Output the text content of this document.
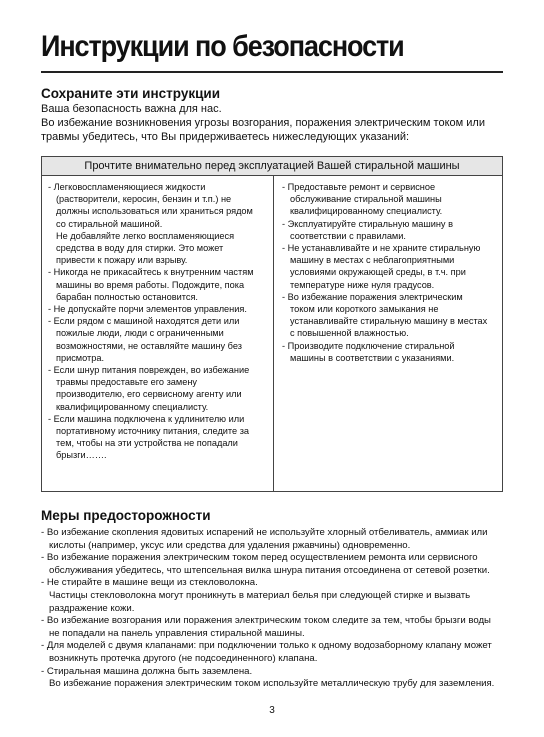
Инструкции по безопасности
Сохраните эти инструкции
Ваша безопасность важна для нас.
Во избежание возникновения угрозы возгорания, поражения электрическим током или
травмы убедитесь, что Вы придерживаетесь нижеследующих указаний:
Прочтите внимательно перед эксплуатацией Вашей стиральной машины
- Легковоспламеняющиеся жидкости
(растворители, керосин, бензин и т.п.) не
должны использоваться или храниться рядом
со стиральной машиной.
Не добавляйте легко воспламеняющиеся
средства в воду для стирки. Это может
привести к пожару или взрыву.
- Никогда не прикасайтесь к внутренним частям
машины во время работы. Подождите, пока
барабан полностью остановится.
- Не допускайте порчи элементов управления.
- Если рядом с машиной находятся дети или
пожилые люди, люди с ограниченными
возможностями, не оставляйте машину без
присмотра.
- Если шнур питания поврежден, во избежание
травмы предоставьте его замену
производителю, его сервисному агенту или
квалифицированному специалисту.
- Если машина подключена к удлинителю или
портативному источнику питания, следите за
тем, чтобы на эти устройства не попадали
брызги…….
- Предоставьте ремонт и сервисное
обслуживание стиральной машины
квалифицированному специалисту.
- Эксплуатируйте стиральную машину в
соответствии с правилами.
- Не устанавливайте и не храните стиральную
машину в местах с неблагоприятными
условиями окружающей среды, в т.ч. при
температуре ниже нуля градусов.
- Во избежание поражения электрическим
током или короткого замыкания не
устанавливайте стиральную машину в местах
с повышенной влажностью.
- Производите подключение стиральной
машины в соответствии с указаниями.
Меры предосторожности
- Во избежание скопления ядовитых испарений не используйте хлорный отбеливатель, аммиак или
кислоты (например, уксус или средства для удаления ржавчины) одновременно.
- Во избежание поражения электрическим током перед осуществлением ремонта или сервисного
обслуживания убедитесь, что штепсельная вилка шнура питания отсоединена от сетевой розетки.
- Не стирайте в машине вещи из стекловолокна.
Частицы стекловолокна могут проникнуть в материал белья при следующей стирке и вызвать
раздражение кожи.
- Во избежание возгорания или поражения электрическим током следите за тем, чтобы брызги воды
не попадали на панель управления стиральной машины.
- Для моделей с двумя клапанами: при подключении только к одному водозаборному клапану может
возникнуть протечка другого (не подсоединенного) клапана.
- Стиральная машина должна быть заземлена.
Во избежание поражения электрическим током используйте металлическую трубу для заземления.
3
